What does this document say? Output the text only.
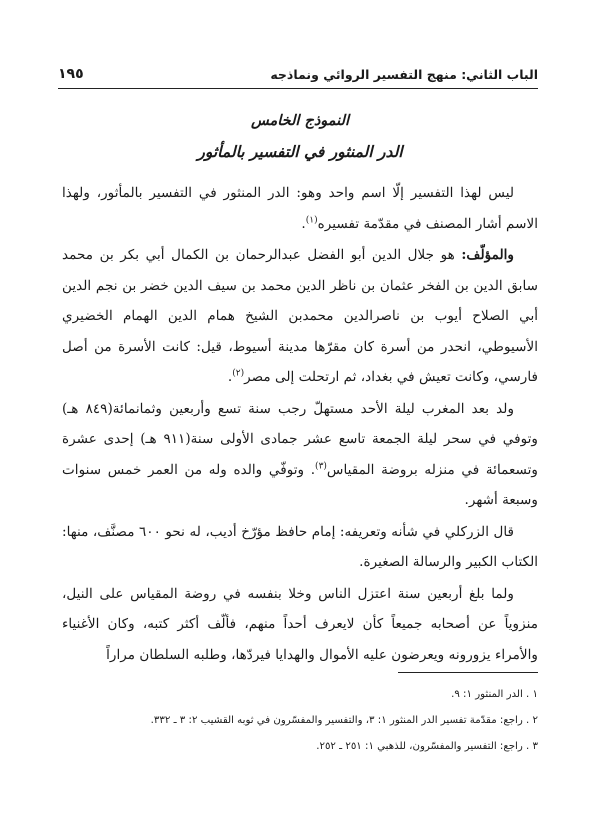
الباب الثاني: منهج التفسير الروائي ونماذجه
١٩٥
النموذج الخامس
الدر المنثور في التفسير بالمأثور

ليس لهذا التفسير إلّا اسم واحد وهو: الدر المنثور في التفسير بالمأثور، ولهذا الاسم أشار المصنف في مقدّمة تفسيره$^{(١)}$.

والمؤلّف: هو جلال الدين أبو الفضل عبدالرحمان بن الكمال أبي بكر بن محمد سابق الدين بن الفخر عثمان بن ناظر الدين محمد بن سيف الدين خضر بن نجم الدين أبي الصلاح أيوب بن ناصرالدين محمدبن الشيخ همام الدين الهمام الخضيري الأسيوطي، انحدر من أسرة كان مقرّها مدينة أسيوط، قيل: كانت الأسرة من أصل فارسي، وكانت تعيش في بغداد، ثم ارتحلت إلى مصر$^{(٢)}$.

ولد بعد المغرب ليلة الأحد مستهلّ رجب سنة تسع وأربعين وثمانمائة(٨٤٩ هـ) وتوفي في سحر ليلة الجمعة تاسع عشر جمادى الأولى سنة(٩١١ هـ) إحدى عشرة وتسعمائة في منزله بروضة المقياس$^{(٣)}$. وتوفّي والده وله من العمر خمس سنوات وسبعة أشهر.

قال الزركلي في شأنه وتعريفه: إمام حافظ مؤرّخ أديب، له نحو ٦٠٠ مصنَّف، منها: الكتاب الكبير والرسالة الصغيرة.

ولما بلغ أربعين سنة اعتزل الناس وخلا بنفسه في روضة المقياس على النيل، منزوياً عن أصحابه جميعاً كأن لايعرف أحداً منهم، فألّف أكثر كتبه، وكان الأغنياء والأمراء يزورونه ويعرضون عليه الأموال والهدايا فيردّها، وطلبه السلطان مراراً

١ . الدر المنثور ١: ٩.
٢ . راجع: مقدّمة تفسير الدر المنثور ١: ٣، والتفسير والمفسّرون في ثوبه القشيب ٢: ٣ ـ ٣٣٢.
٣ . راجع: التفسير والمفسّرون، للذهبي ١: ٢٥١ ـ ٢٥٢.
